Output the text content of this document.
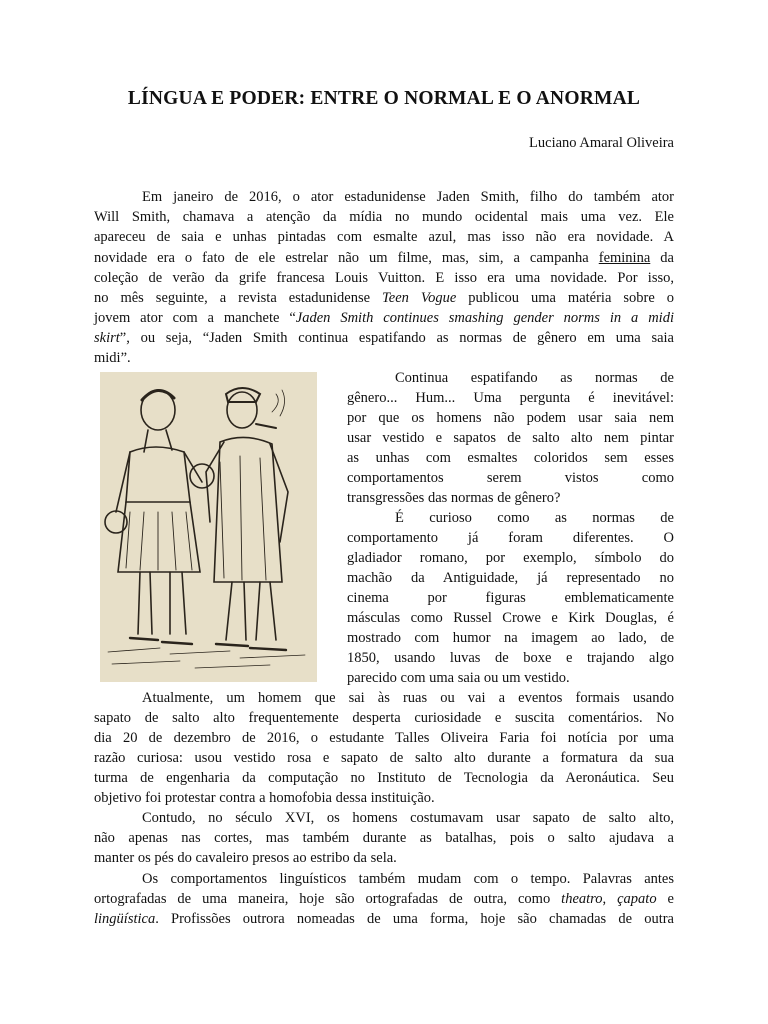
LÍNGUA E PODER: ENTRE O NORMAL E O ANORMAL

Luciano Amaral Oliveira

Em janeiro de 2016, o ator estadunidense Jaden Smith, filho do também ator

Will Smith, chamava a atenção da mídia no mundo ocidental mais uma vez. Ele

apareceu de saia e unhas pintadas com esmalte azul, mas isso não era novidade. A

novidade era o fato de ele estrelar não um filme, mas, sim, a campanha feminina da

coleção de verão da grife francesa Louis Vuitton. E isso era uma novidade. Por isso,

no mês seguinte, a revista estadunidense Teen Vogue publicou uma matéria sobre o

jovem ator com a manchete “Jaden Smith continues smashing gender norms in a midi

skirt”, ou seja, “Jaden Smith continua espatifando as normas de gênero em uma saia

midi”.

Continua espatifando as normas de

gênero... Hum... Uma pergunta é inevitável:

por que os homens não podem usar saia nem

usar vestido e sapatos de salto alto nem pintar

as unhas com esmaltes coloridos sem esses

comportamentos serem vistos como

transgressões das normas de gênero?

É curioso como as normas de

comportamento já foram diferentes. O

gladiador romano, por exemplo, símbolo do

machão da Antiguidade, já representado no

cinema por figuras emblematicamente

másculas como Russel Crowe e Kirk Douglas, é

mostrado com humor na imagem ao lado, de

1850, usando luvas de boxe e trajando algo

parecido com uma saia ou um vestido.

Atualmente, um homem que sai às ruas ou vai a eventos formais usando

sapato de salto alto frequentemente desperta curiosidade e suscita comentários. No

dia 20 de dezembro de 2016, o estudante Talles Oliveira Faria foi notícia por uma

razão curiosa: usou vestido rosa e sapato de salto alto durante a formatura da sua

turma de engenharia da computação no Instituto de Tecnologia da Aeronáutica. Seu

objetivo foi protestar contra a homofobia dessa instituição.

Contudo, no século XVI, os homens costumavam usar sapato de salto alto,

não apenas nas cortes, mas também durante as batalhas, pois o salto ajudava a

manter os pés do cavaleiro presos ao estribo da sela.

Os comportamentos linguísticos também mudam com o tempo. Palavras antes

ortografadas de uma maneira, hoje são ortografadas de outra, como theatro, çapato e

lingüística. Profissões outrora nomeadas de uma forma, hoje são chamadas de outra
